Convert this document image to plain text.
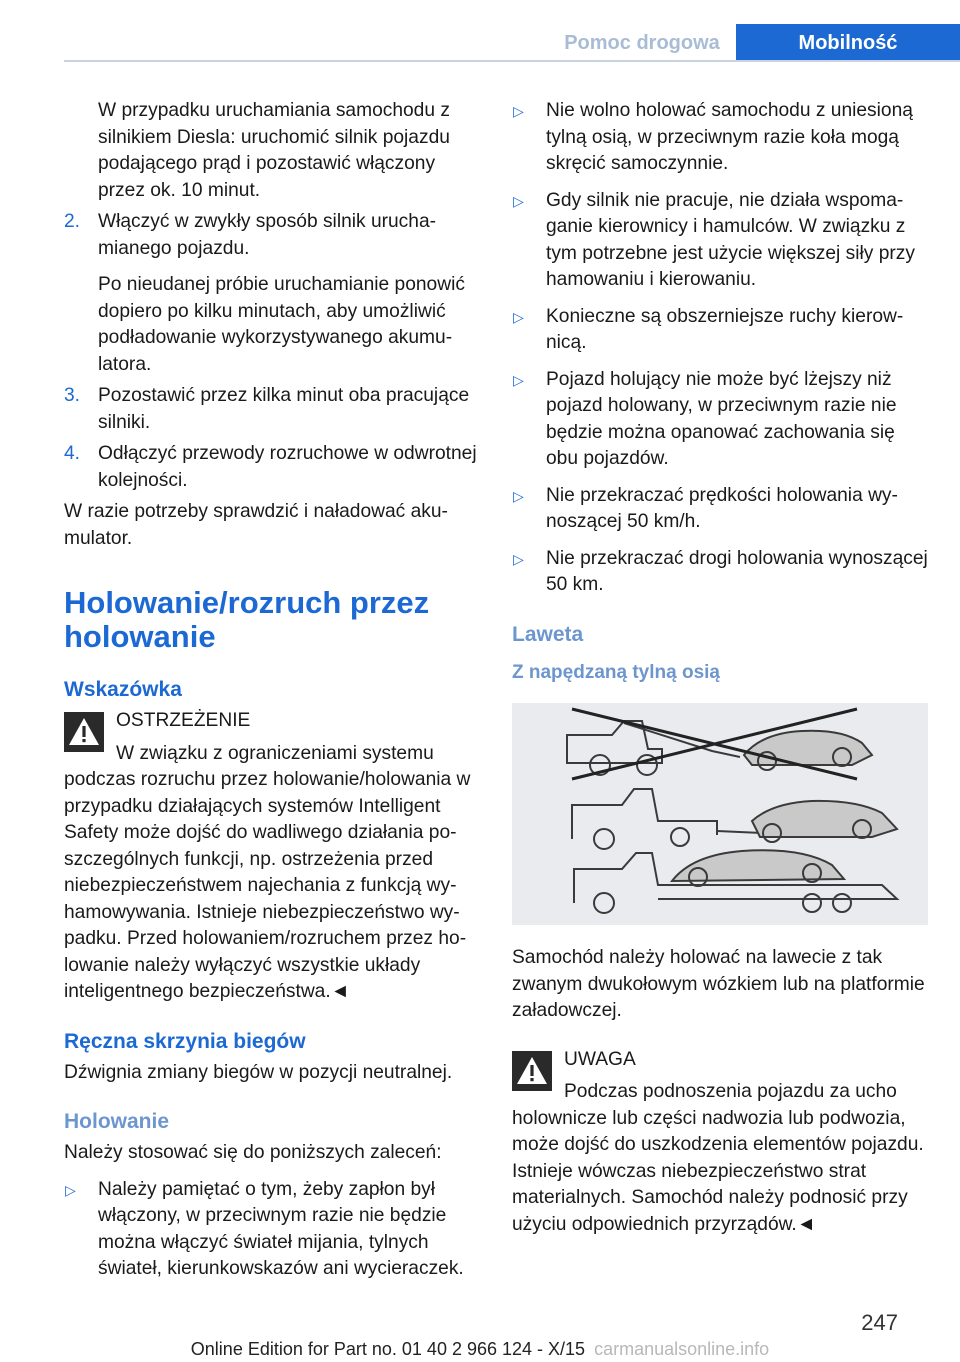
Pomoc drogowa	Mobilność

W przypadku uruchamiania samochodu z silnikiem Diesla: uruchomić silnik pojazdu podającego prąd i pozostawić włączony przez ok. 10 minut.

2. Włączyć w zwykły sposób silnik uruchamianego pojazdu.

Po nieudanej próbie uruchamianie ponowić dopiero po kilku minutach, aby umożliwić podładowanie wykorzystywanego akumulatora.

3. Pozostawić przez kilka minut oba pracujące silniki.

4. Odłączyć przewody rozruchowe w odwrotnej kolejności.

W razie potrzeby sprawdzić i naładować akumulator.

Holowanie/rozruch przez holowanie
Wskazówka

OSTRZEŻENIE

W związku z ograniczeniami systemu

podczas rozruchu przez holowanie/holowania w przypadku działających systemów Intelligent Safety może dojść do wadliwego działania poszczególnych funkcji, np. ostrzeżenia przed niebezpieczeństwem najechania z funkcją wyhamowywania. Istnieje niebezpieczeństwo wypadku. Przed holowaniem/rozruchem przez holowanie należy wyłączyć wszystkie układy inteligentnego bezpieczeństwa.◄

Ręczna skrzynia biegów

Dźwignia zmiany biegów w pozycji neutralnej.

Holowanie

Należy stosować się do poniższych zaleceń:

▷ Należy pamiętać o tym, żeby zapłon był włączony, w przeciwnym razie nie będzie można włączyć świateł mijania, tylnych świateł, kierunkowskazów ani wycieraczek.

▷ Nie wolno holować samochodu z uniesioną tylną osią, w przeciwnym razie koła mogą skręcić samoczynnie.

▷ Gdy silnik nie pracuje, nie działa wspomaganie kierownicy i hamulców. W związku z tym potrzebne jest użycie większej siły przy hamowaniu i kierowaniu.

▷ Konieczne są obszerniejsze ruchy kierownicą.

▷ Pojazd holujący nie może być lżejszy niż pojazd holowany, w przeciwnym razie nie będzie można opanować zachowania się obu pojazdów.

▷ Nie przekraczać prędkości holowania wynoszącej 50 km/h.

▷ Nie przekraczać drogi holowania wynoszącej 50 km.

Laweta
Z napędzaną tylną osią

Samochód należy holować na lawecie z tak zwanym dwukołowym wózkiem lub na platformie załadowczej.

UWAGA

Podczas podnoszenia pojazdu za ucho

holownicze lub części nadwozia lub podwozia, może dojść do uszkodzenia elementów pojazdu. Istnieje wówczas niebezpieczeństwo strat materialnych. Samochód należy podnosić przy użyciu odpowiednich przyrządów.◄

247
Online Edition for Part no. 01 40 2 966 124 - X/15 carmanualsonline.info
